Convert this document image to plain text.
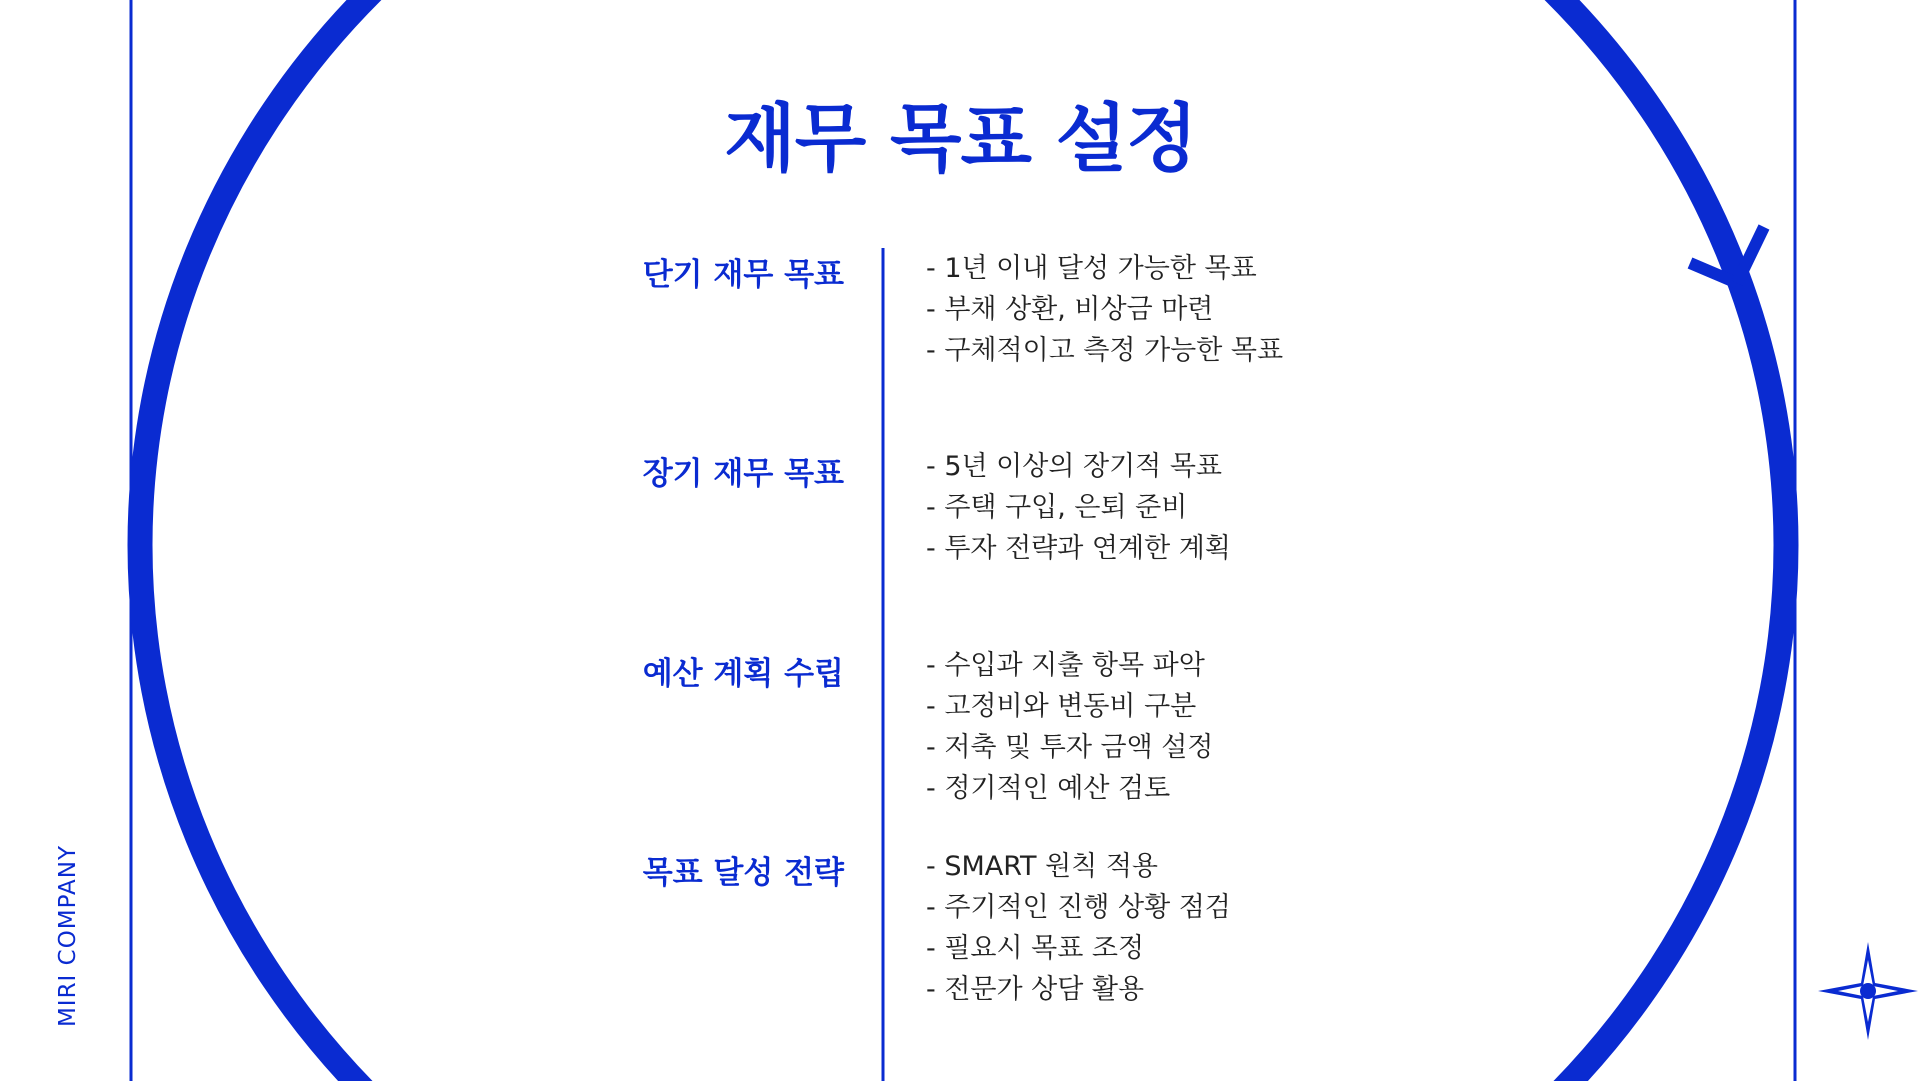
MIRI COMPANY
재무 목표 설정
단기 재무 목표	- 1년 이내 달성 가능한 목표
- 부채 상환, 비상금 마련
- 구체적이고 측정 가능한 목표
장기 재무 목표	- 5년 이상의 장기적 목표
- 주택 구입, 은퇴 준비
- 투자 전략과 연계한 계획
예산 계획 수립	- 수입과 지출 항목 파악
- 고정비와 변동비 구분
- 저축 및 투자 금액 설정
- 정기적인 예산 검토
목표 달성 전략	- SMART 원칙 적용
- 주기적인 진행 상황 점검
- 필요시 목표 조정
- 전문가 상담 활용
